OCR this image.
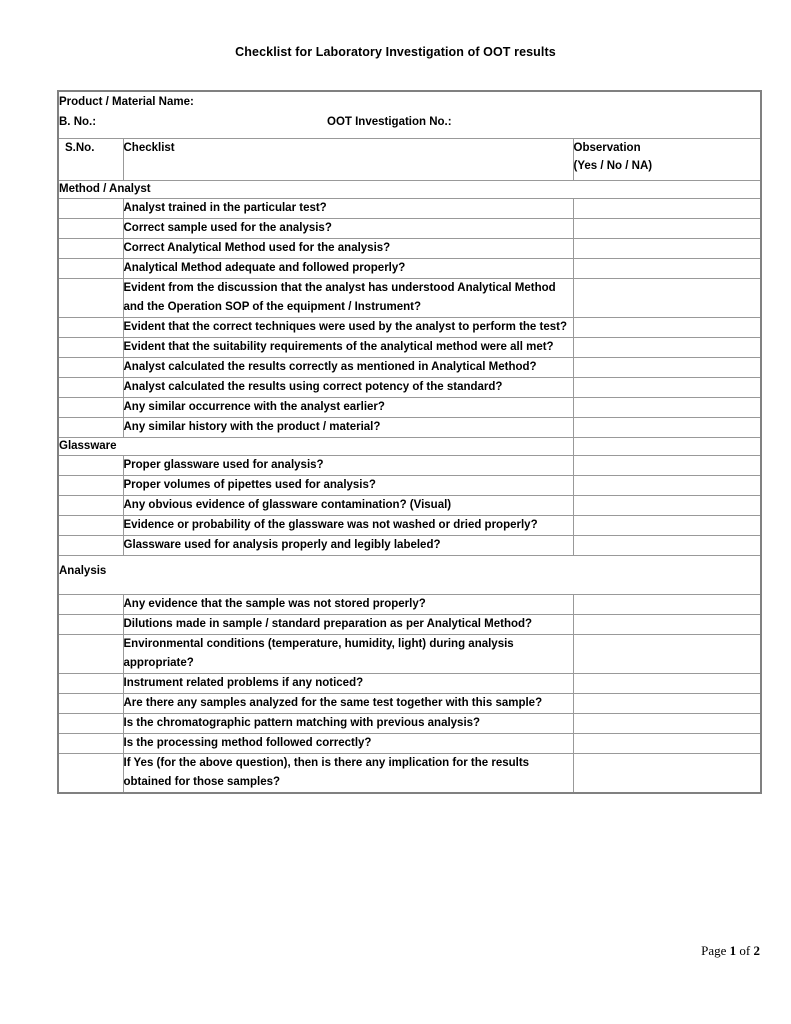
Checklist for Laboratory Investigation of OOT results
Product / Material Name:
B. No.: OOT Investigation No.:		

S.No.	Checklist	Observation
(Yes / No / NA)

Method / Analyst		
	Analyst trained in the particular test?	
	Correct sample used for the analysis?	
	Correct Analytical Method used for the analysis?	
	Analytical Method adequate and followed properly?	
	Evident from the discussion that the analyst has understood Analytical Method and the Operation SOP of the equipment / Instrument?	
	Evident that the correct techniques were used by the analyst to perform the test?	
	Evident that the suitability requirements of the analytical method were all met?	
	Analyst calculated the results correctly as mentioned in Analytical Method?	
	Analyst calculated the results using correct potency of the standard?	
	Any similar occurrence with the analyst earlier?	
	Any similar history with the product / material?	
Glassware		
	Proper glassware used for analysis?	
	Proper volumes of pipettes used for analysis?	
	Any obvious evidence of glassware contamination? (Visual)	
	Evidence or probability of the glassware was not washed or dried properly?	
	Glassware used for analysis properly and legibly labeled?	
Analysis		
	Any evidence that the sample was not stored properly?	
	Dilutions made in sample / standard preparation as per Analytical Method?	
	Environmental conditions (temperature, humidity, light) during analysis appropriate?	
	Instrument related problems if any noticed?	
	Are there any samples analyzed for the same test together with this sample?	
	Is the chromatographic pattern matching with previous analysis?	
	Is the processing method followed correctly?	
	If Yes (for the above question), then is there any implication for the results obtained for those samples?	
Page 1 of 2
